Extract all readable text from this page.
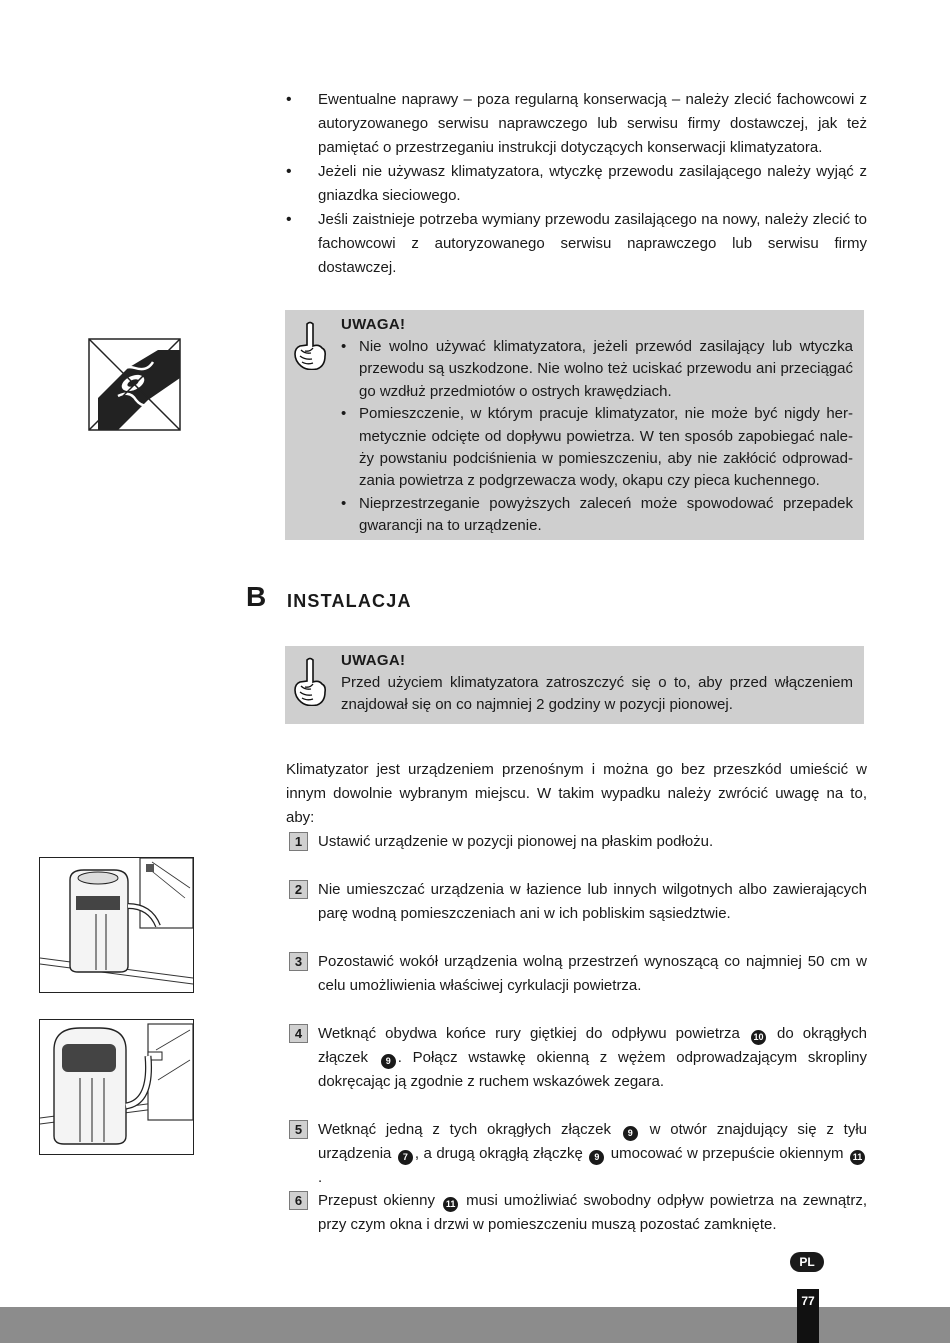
• Ewentualne naprawy – poza regularną konserwacją – należy zlecić fachowcowi z autoryzowanego serwisu naprawczego lub serwisu firmy dostawczej, jak też pamiętać o przestrzeganiu instrukcji dotyczących konserwacji klimatyzatora.
• Jeżeli nie używasz klimatyzatora, wtyczkę przewodu zasilającego należy wyjąć z gniazdka sieciowego.
• Jeśli zaistnieje potrzeba wymiany przewodu zasilającego na nowy, należy zlecić to fachowcowi z autoryzowanego serwisu naprawczego lub serwisu firmy dostawczej.
UWAGA!
• Nie wolno używać klimatyzatora, jeżeli przewód zasilający lub wtyczka przewodu są uszkodzone. Nie wolno też uciskać przewodu ani przeciągać go wzdłuż przedmiotów o ostrych krawędziach.
• Pomieszczenie, w którym pracuje klimatyzator, nie może być nigdy hermetycznie odcięte od dopływu powietrza. W ten sposób zapobiegać należy powstaniu podciśnienia w pomieszczeniu, aby nie zakłócić odprowadzania powietrza z podgrzewacza wody, okapu czy pieca kuchennego.
• Nieprzestrzeganie powyższych zaleceń może spowodować przepadek gwarancji na to urządzenie.
B INSTALACJA
UWAGA!
Przed użyciem klimatyzatora zatroszczyć się o to, aby przed włączeniem znajdował się on co najmniej 2 godziny w pozycji pionowej.
Klimatyzator jest urządzeniem przenośnym i można go bez przeszkód umieścić w innym dowolnie wybranym miejscu. W takim wypadku należy zwrócić uwagę na to, aby:
1	Ustawić urządzenie w pozycji pionowej na płaskim podłożu.
2	Nie umieszczać urządzenia w łazience lub innych wilgotnych albo zawierających parę wodną pomieszczeniach ani w ich pobliskim sąsiedztwie.
3	Pozostawić wokół urządzenia wolną przestrzeń wynoszącą co najmniej 50 cm w celu umożliwienia właściwej cyrkulacji powietrza.
4	Wetknąć obydwa końce rury giętkiej do odpływu powietrza 10 do okrągłych złączek 9 . Połącz wstawkę okienną z wężem odprowadzającym skropliny dokręcając ją zgodnie z ruchem wskazówek zegara.
5	Wetknąć jedną z tych okrągłych złączek 9 w otwór znajdujący się z tyłu urządzenia 7 , a drugą okrągłą złączkę 9 umocować w przepuście okiennym 11.
6	Przepust okienny 11 musi umożliwiać swobodny odpływ powietrza na zewnątrz, przy czym okna i drzwi w pomieszczeniu muszą pozostać zamknięte.
PL
77
